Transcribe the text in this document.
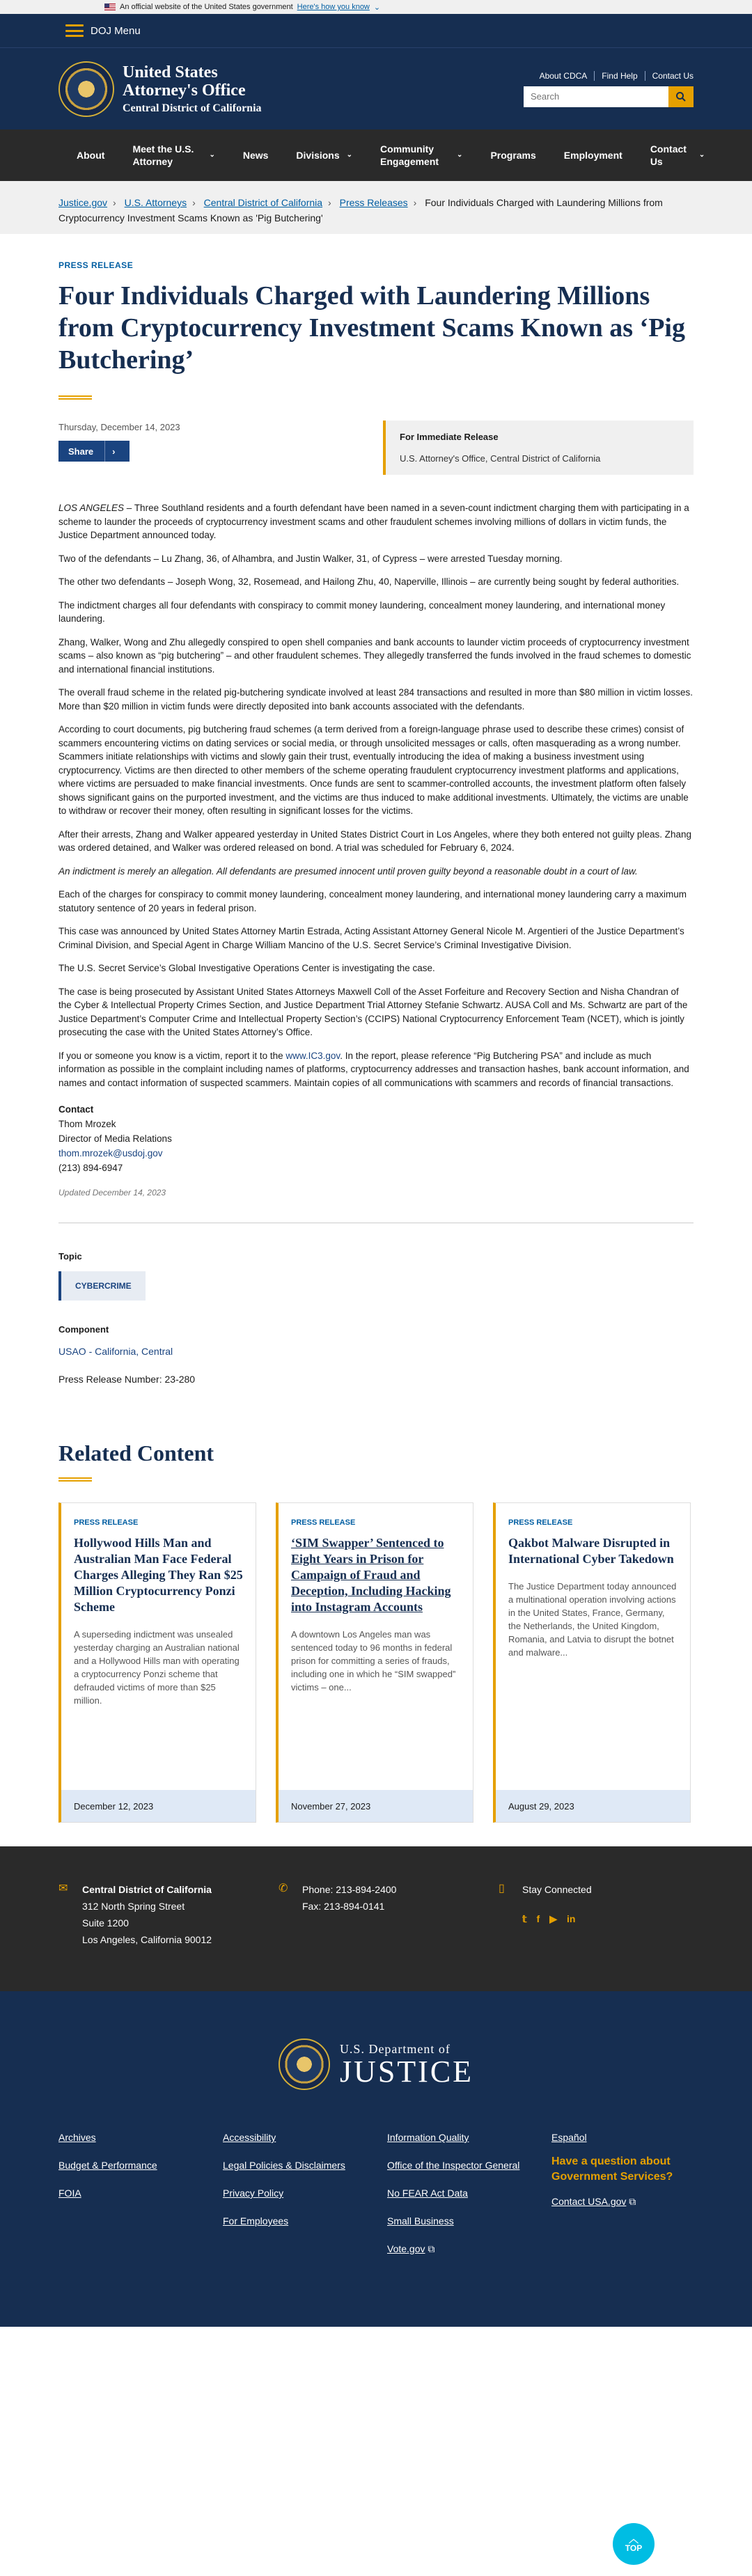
An official website of the United States government Here's how you know ⌄
DOJ Menu
United States
Attorney's Office
Central District of California
About CDCA	Find Help	Contact Us
Search
About
Meet the U.S. Attorney
⌄	News	Divisions ⌄
Community Engagement
⌄	Programs	Employment
Contact Us
⌄
Justice.gov › U.S. Attorneys › Central District of California › Press Releases › Four Individuals Charged with Laundering Millions from Cryptocurrency Investment Scams Known as 'Pig Butchering'
PRESS RELEASE
Four Individuals Charged with Laundering Millions from Cryptocurrency Investment Scams Known as ‘Pig Butchering’
Thursday, December 14, 2023
Share	›
For Immediate Release
U.S. Attorney's Office, Central District of California

LOS ANGELES – Three Southland residents and a fourth defendant have been named in a seven-count indictment charging them with participating in a scheme to launder the proceeds of cryptocurrency investment scams and other fraudulent schemes involving millions of dollars in victim funds, the Justice Department announced today.

Two of the defendants – Lu Zhang, 36, of Alhambra, and Justin Walker, 31, of Cypress – were arrested Tuesday morning.

The other two defendants – Joseph Wong, 32, Rosemead, and Hailong Zhu, 40, Naperville, Illinois – are currently being sought by federal authorities.

The indictment charges all four defendants with conspiracy to commit money laundering, concealment money laundering, and international money laundering.

Zhang, Walker, Wong and Zhu allegedly conspired to open shell companies and bank accounts to launder victim proceeds of cryptocurrency investment scams – also known as “pig butchering” – and other fraudulent schemes. They allegedly transferred the funds involved in the fraud schemes to domestic and international financial institutions.

The overall fraud scheme in the related pig-butchering syndicate involved at least 284 transactions and resulted in more than $80 million in victim losses. More than $20 million in victim funds were directly deposited into bank accounts associated with the defendants.

According to court documents, pig butchering fraud schemes (a term derived from a foreign-language phrase used to describe these crimes) consist of scammers encountering victims on dating services or social media, or through unsolicited messages or calls, often masquerading as a wrong number. Scammers initiate relationships with victims and slowly gain their trust, eventually introducing the idea of making a business investment using cryptocurrency. Victims are then directed to other members of the scheme operating fraudulent cryptocurrency investment platforms and applications, where victims are persuaded to make financial investments. Once funds are sent to scammer-controlled accounts, the investment platform often falsely shows significant gains on the purported investment, and the victims are thus induced to make additional investments. Ultimately, the victims are unable to withdraw or recover their money, often resulting in significant losses for the victims.

After their arrests, Zhang and Walker appeared yesterday in United States District Court in Los Angeles, where they both entered not guilty pleas. Zhang was ordered detained, and Walker was ordered released on bond. A trial was scheduled for February 6, 2024.

An indictment is merely an allegation. All defendants are presumed innocent until proven guilty beyond a reasonable doubt in a court of law.

Each of the charges for conspiracy to commit money laundering, concealment money laundering, and international money laundering carry a maximum statutory sentence of 20 years in federal prison.

This case was announced by United States Attorney Martin Estrada, Acting Assistant Attorney General Nicole M. Argentieri of the Justice Department’s Criminal Division, and Special Agent in Charge William Mancino of the U.S. Secret Service’s Criminal Investigative Division.

The U.S. Secret Service’s Global Investigative Operations Center is investigating the case.

The case is being prosecuted by Assistant United States Attorneys Maxwell Coll of the Asset Forfeiture and Recovery Section and Nisha Chandran of the Cyber & Intellectual Property Crimes Section, and Justice Department Trial Attorney Stefanie Schwartz. AUSA Coll and Ms. Schwartz are part of the Justice Department’s Computer Crime and Intellectual Property Section’s (CCIPS) National Cryptocurrency Enforcement Team (NCET), which is jointly prosecuting the case with the United States Attorney’s Office.

If you or someone you know is a victim, report it to the www.IC3.gov. In the report, please reference “Pig Butchering PSA” and include as much information as possible in the complaint including names of platforms, cryptocurrency addresses and transaction hashes, bank account information, and names and contact information of suspected scammers. Maintain copies of all communications with scammers and records of financial transactions.

Contact
Thom Mrozek
Director of Media Relations
thom.mrozek@usdoj.gov
(213) 894-6947
Updated December 14, 2023
Topic
CYBERCRIME
Component
USAO - California, Central
Press Release Number: 23-280
Related Content
PRESS RELEASE
Hollywood Hills Man and Australian Man Face Federal Charges Alleging They Ran $25 Million Cryptocurrency Ponzi Scheme
A superseding indictment was unsealed yesterday charging an Australian national and a Hollywood Hills man with operating a cryptocurrency Ponzi scheme that defrauded victims of more than $25 million.
December 12, 2023
PRESS RELEASE
‘SIM Swapper’ Sentenced to Eight Years in Prison for Campaign of Fraud and Deception, Including Hacking into Instagram Accounts
A downtown Los Angeles man was sentenced today to 96 months in federal prison for committing a series of frauds, including one in which he “SIM swapped” victims – one...
November 27, 2023
PRESS RELEASE
Qakbot Malware Disrupted in International Cyber Takedown
The Justice Department today announced a multinational operation involving actions in the United States, France, Germany, the Netherlands, the United Kingdom, Romania, and Latvia to disrupt the botnet and malware...
August 29, 2023
✉	Central District of California
312 North Spring Street
Suite 1200
Los Angeles, California 90012
✆	Phone: 213-894-2400
Fax: 213-894-0141
▯	Stay Connected
𝕥 f ▶ in
U.S. Department of
JUSTICE
Archives
Budget & Performance
FOIA
Accessibility
Legal Policies & Disclaimers
Privacy Policy
For Employees
Information Quality
Office of the Inspector General
No FEAR Act Data
Small Business
Vote.gov ⧉
Español
Have a question about Government Services?
Contact USA.gov ⧉
︿
TOP
